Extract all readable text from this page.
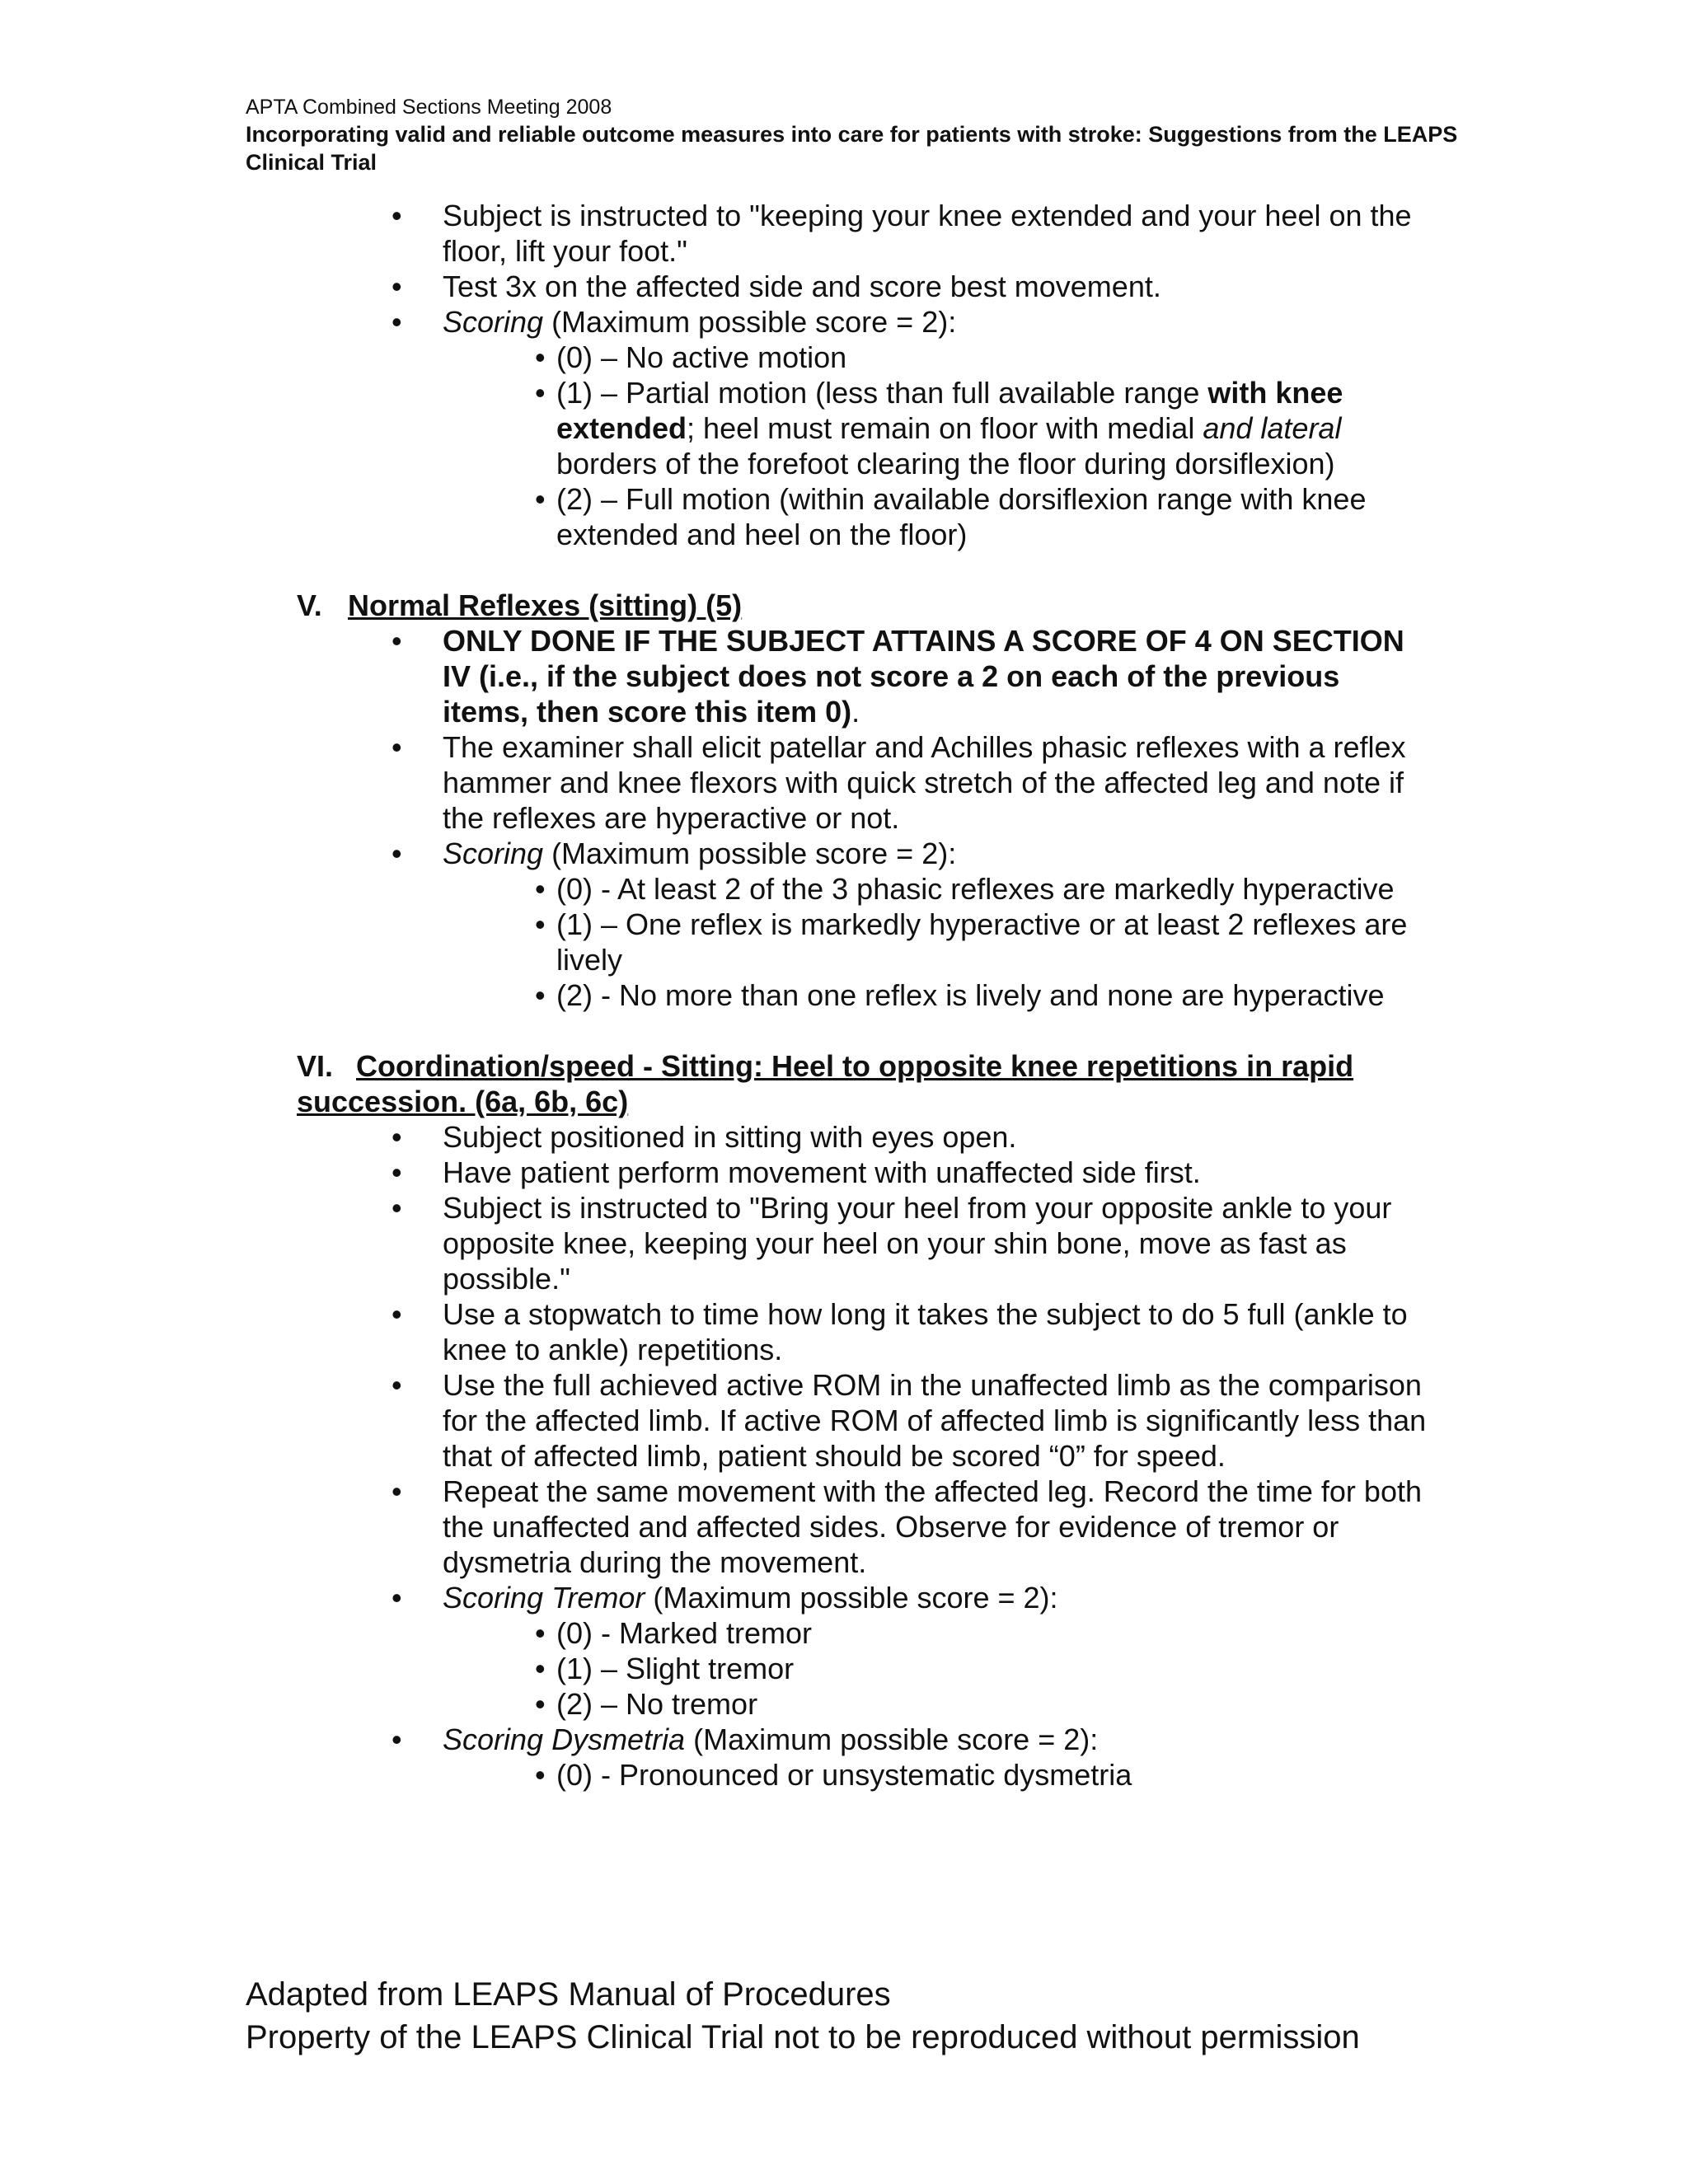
APTA Combined Sections Meeting 2008
Incorporating valid and reliable outcome measures into care for patients with stroke: Suggestions from the LEAPS Clinical Trial
• Subject is instructed to "keeping your knee extended and your heel on the floor, lift your foot."
• Test 3x on the affected side and score best movement.
• Scoring (Maximum possible score = 2):
• (0) – No active motion
• (1) – Partial motion (less than full available range with knee extended; heel must remain on floor with medial and lateral borders of the forefoot clearing the floor during dorsiflexion)
• (2) – Full motion (within available dorsiflexion range with knee extended and heel on the floor)
V. Normal Reflexes (sitting) (5)
• ONLY DONE IF THE SUBJECT ATTAINS A SCORE OF 4 ON SECTION IV (i.e., if the subject does not score a 2 on each of the previous items, then score this item 0).
• The examiner shall elicit patellar and Achilles phasic reflexes with a reflex hammer and knee flexors with quick stretch of the affected leg and note if the reflexes are hyperactive or not.
• Scoring (Maximum possible score = 2):
• (0) - At least 2 of the 3 phasic reflexes are markedly hyperactive
• (1) – One reflex is markedly hyperactive or at least 2 reflexes are lively
• (2) - No more than one reflex is lively and none are hyperactive
VI. Coordination/speed - Sitting: Heel to opposite knee repetitions in rapid succession. (6a, 6b, 6c)
• Subject positioned in sitting with eyes open.
• Have patient perform movement with unaffected side first.
• Subject is instructed to "Bring your heel from your opposite ankle to your opposite knee, keeping your heel on your shin bone, move as fast as possible."
• Use a stopwatch to time how long it takes the subject to do 5 full (ankle to knee to ankle) repetitions.
• Use the full achieved active ROM in the unaffected limb as the comparison for the affected limb. If active ROM of affected limb is significantly less than that of affected limb, patient should be scored “0” for speed.
• Repeat the same movement with the affected leg. Record the time for both the unaffected and affected sides. Observe for evidence of tremor or dysmetria during the movement.
• Scoring Tremor (Maximum possible score = 2):
• (0) - Marked tremor
• (1) – Slight tremor
• (2) – No tremor
• Scoring Dysmetria (Maximum possible score = 2):
• (0) - Pronounced or unsystematic dysmetria
Adapted from LEAPS Manual of Procedures
Property of the LEAPS Clinical Trial not to be reproduced without permission
